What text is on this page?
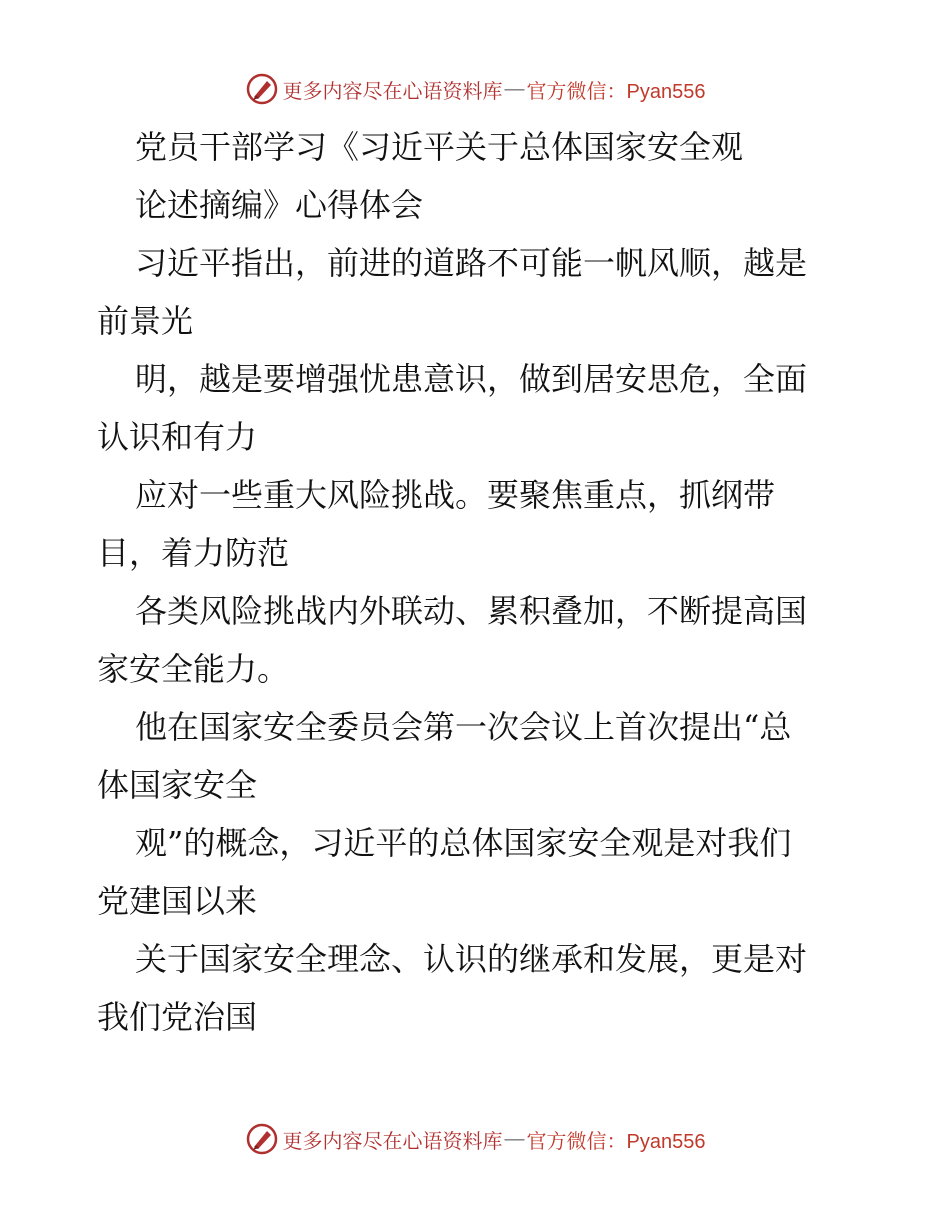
更多内容尽在心语资料库 — 官方微信：Pyan556
党员干部学习《习近平关于总体国家安全观
论述摘编》心得体会
习近平指出，前进的道路不可能一帆风顺，越是
前景光
明，越是要增强忧患意识，做到居安思危，全面
认识和有力
应对一些重大风险挑战。要聚焦重点，抓纲带
目，着力防范
各类风险挑战内外联动、累积叠加，不断提高国
家安全能力。
他在国家安全委员会第一次会议上首次提出“总
体国家安全
观”的概念，习近平的总体国家安全观是对我们
党建国以来
关于国家安全理念、认识的继承和发展，更是对
我们党治国
更多内容尽在心语资料库 — 官方微信：Pyan556
